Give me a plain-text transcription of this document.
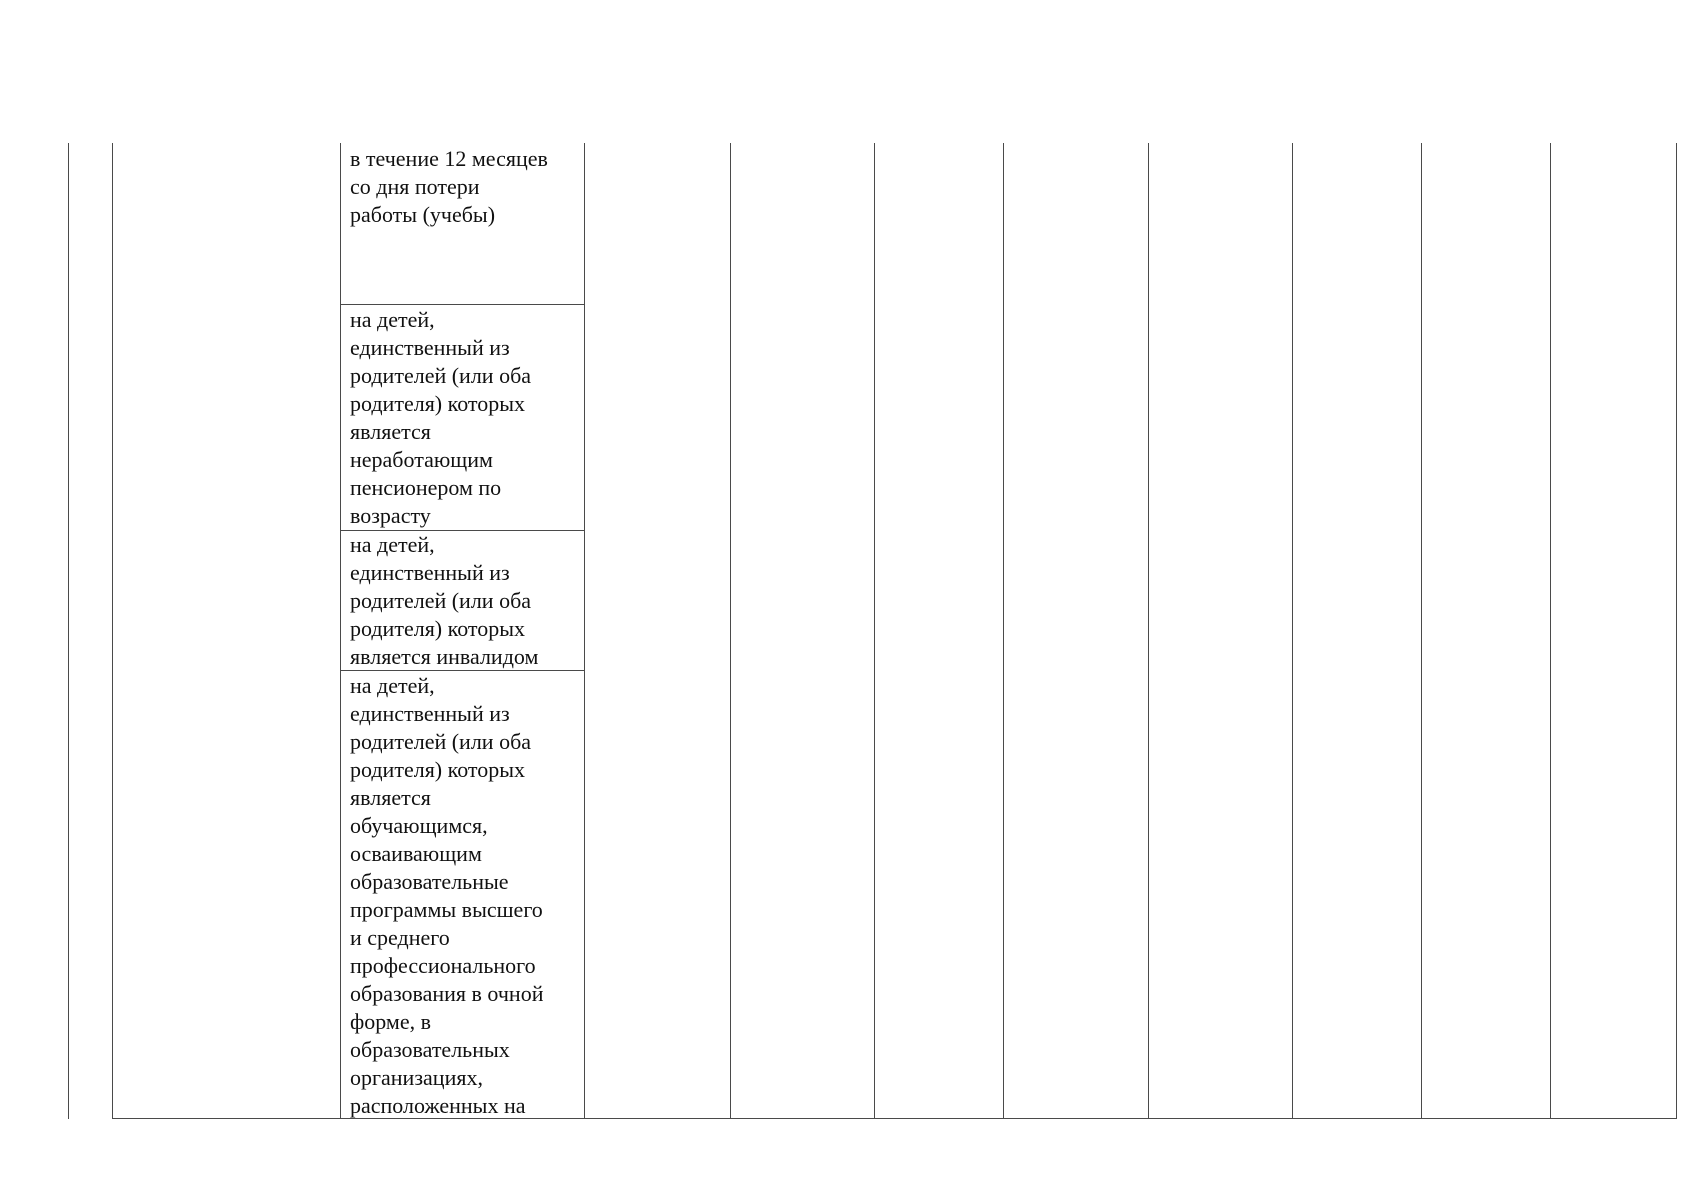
в течение 12 месяцев
со дня потери
работы (учебы)
на детей,
единственный из
родителей (или оба
родителя) которых
является
неработающим
пенсионером по
возрасту
на детей,
единственный из
родителей (или оба
родителя) которых
является инвалидом
на детей,
единственный из
родителей (или оба
родителя) которых
является
обучающимся,
осваивающим
образовательные
программы высшего
и среднего
профессионального
образования в очной
форме, в
образовательных
организациях,
расположенных на
